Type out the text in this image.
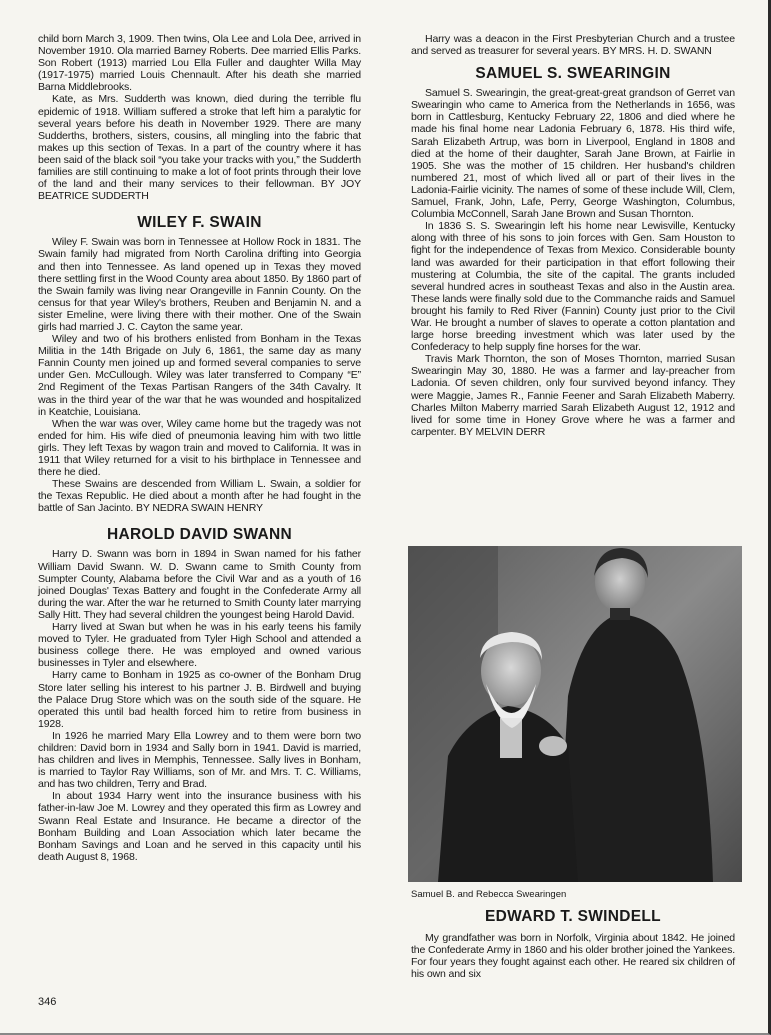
child born March 3, 1909. Then twins, Ola Lee and Lola Dee, arrived in November 1910. Ola married Barney Roberts. Dee married Ellis Parks. Son Robert (1913) married Lou Ella Fuller and daughter Willa May (1917-1975) married Louis Chennault. After his death she married Barna Middlebrooks.

Kate, as Mrs. Sudderth was known, died during the terrible flu epidemic of 1918. William suffered a stroke that left him a paralytic for several years before his death in November 1929. There are many Sudderths, brothers, sisters, cousins, all mingling into the fabric that makes up this section of Texas. In a part of the country where it has been said of the black soil “you take your tracks with you,” the Sudderth families are still continuing to make a lot of foot prints through their love of the land and their many services to their fellowman. BY JOY BEATRICE SUDDERTH

WILEY F. SWAIN

Wiley F. Swain was born in Tennessee at Hollow Rock in 1831. The Swain family had migrated from North Carolina drifting into Georgia and then into Tennessee. As land opened up in Texas they moved there settling first in the Wood County area about 1850. By 1860 part of the Swain family was living near Orangeville in Fannin County. On the census for that year Wiley's brothers, Reuben and Benjamin N. and a sister Emeline, were living there with their mother. One of the Swain girls had married J. C. Cayton the same year.

Wiley and two of his brothers enlisted from Bonham in the Texas Militia in the 14th Brigade on July 6, 1861, the same day as many Fannin County men joined up and formed several companies to serve under Gen. McCullough. Wiley was later transferred to Company “E” 2nd Regiment of the Texas Partisan Rangers of the 34th Cavalry. It was in the third year of the war that he was wounded and hospitalized in Keatchie, Louisiana.

When the war was over, Wiley came home but the tragedy was not ended for him. His wife died of pneumonia leaving him with two little girls. They left Texas by wagon train and moved to California. It was in 1911 that Wiley returned for a visit to his birthplace in Tennessee and there he died.

These Swains are descended from William L. Swain, a soldier for the Texas Republic. He died about a month after he had fought in the battle of San Jacinto. BY NEDRA SWAIN HENRY

HAROLD DAVID SWANN

Harry D. Swann was born in 1894 in Swan named for his father William David Swann. W. D. Swann came to Smith County from Sumpter County, Alabama before the Civil War and as a youth of 16 joined Douglas' Texas Battery and fought in the Confederate Army all during the war. After the war he returned to Smith County later marrying Sally Hitt. They had several children the youngest being Harold David.

Harry lived at Swan but when he was in his early teens his family moved to Tyler. He graduated from Tyler High School and attended a business college there. He was employed and owned various businesses in Tyler and elsewhere.

Harry came to Bonham in 1925 as co-owner of the Bonham Drug Store later selling his interest to his partner J. B. Birdwell and buying the Palace Drug Store which was on the south side of the square. He operated this until bad health forced him to retire from business in 1928.

In 1926 he married Mary Ella Lowrey and to them were born two children: David born in 1934 and Sally born in 1941. David is married, has children and lives in Memphis, Tennessee. Sally lives in Bonham, is married to Taylor Ray Williams, son of Mr. and Mrs. T. C. Williams, and has two children, Terry and Brad.

In about 1934 Harry went into the insurance business with his father-in-law Joe M. Lowrey and they operated this firm as Lowrey and Swann Real Estate and Insurance. He became a director of the Bonham Building and Loan Association which later became the Bonham Savings and Loan and he served in this capacity until his death August 8, 1968.

Harry was a deacon in the First Presbyterian Church and a trustee and served as treasurer for several years. BY MRS. H. D. SWANN

SAMUEL S. SWEARINGIN

Samuel S. Swearingin, the great-great-great grandson of Gerret van Swearingin who came to America from the Netherlands in 1656, was born in Cattlesburg, Kentucky February 22, 1806 and died where he made his final home near Ladonia February 6, 1878. His third wife, Sarah Elizabeth Artrup, was born in Liverpool, England in 1808 and died at the home of their daughter, Sarah Jane Brown, at Fairlie in 1905. She was the mother of 15 children. Her husband's children numbered 21, most of which lived all or part of their lives in the Ladonia-Fairlie vicinity. The names of some of these include Will, Clem, Samuel, Frank, John, Lafe, Perry, George Washington, Columbus, Columbia McConnell, Sarah Jane Brown and Susan Thornton.

In 1836 S. S. Swearingin left his home near Lewisville, Kentucky along with three of his sons to join forces with Gen. Sam Houston to fight for the independence of Texas from Mexico. Considerable bounty land was awarded for their participation in that effort following their mustering at Columbia, the site of the capital. The grants included several hundred acres in southeast Texas and also in the Austin area. These lands were finally sold due to the Commanche raids and Samuel brought his family to Red River (Fannin) County just prior to the Civil War. He brought a number of slaves to operate a cotton plantation and large horse breeding investment which was later used by the Confederacy to help supply fine horses for the war.

Travis Mark Thornton, the son of Moses Thornton, married Susan Swearingin May 30, 1880. He was a farmer and lay-preacher from Ladonia. Of seven children, only four survived beyond infancy. They were Maggie, James R., Fannie Feener and Sarah Elizabeth Maberry. Charles Milton Maberry married Sarah Elizabeth August 12, 1912 and lived for some time in Honey Grove where he was a farmer and carpenter. BY MELVIN DERR

Samuel B. and Rebecca Swearingen
EDWARD T. SWINDELL

My grandfather was born in Norfolk, Virginia about 1842. He joined the Confederate Army in 1860 and his older brother joined the Yankees. For four years they fought against each other. He reared six children of his own and six

346
